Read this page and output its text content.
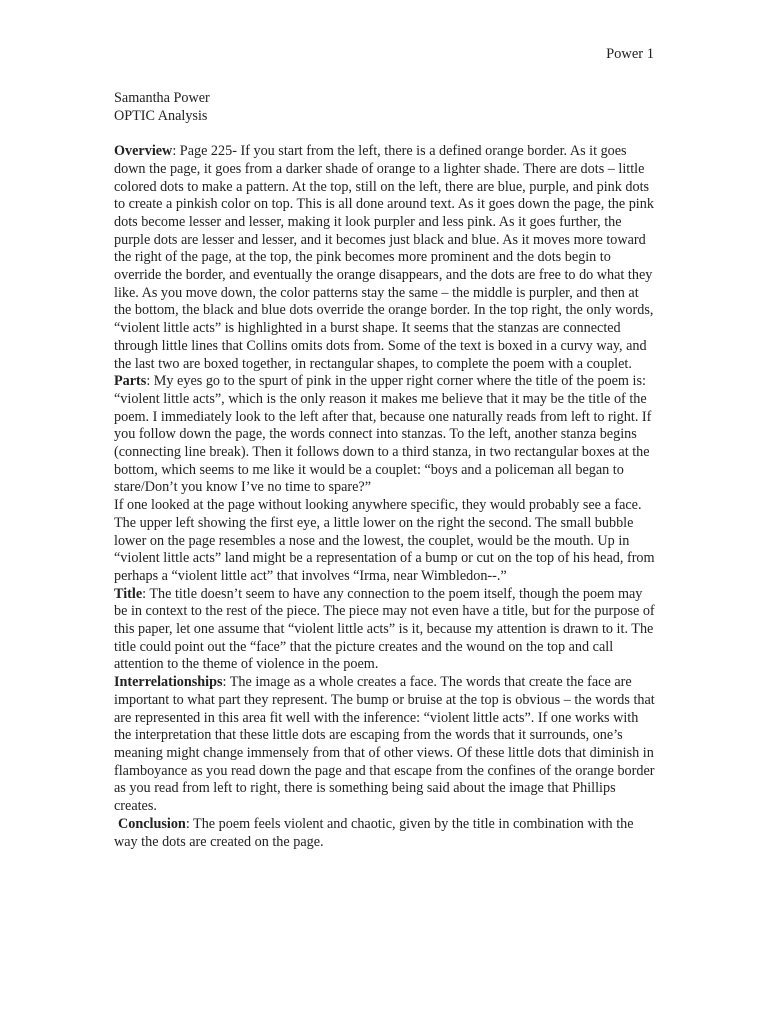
Power 1

Samantha Power

OPTIC Analysis

Overview: Page 225- If you start from the left, there is a defined orange border. As it goes down the page, it goes from a darker shade of orange to a lighter shade. There are dots – little colored dots to make a pattern. At the top, still on the left, there are blue, purple, and pink dots to create a pinkish color on top. This is all done around text. As it goes down the page, the pink dots become lesser and lesser, making it look purpler and less pink. As it goes further, the purple dots are lesser and lesser, and it becomes just black and blue. As it moves more toward the right of the page, at the top, the pink becomes more prominent and the dots begin to override the border, and eventually the orange disappears, and the dots are free to do what they like. As you move down, the color patterns stay the same – the middle is purpler, and then at the bottom, the black and blue dots override the orange border. In the top right, the only words, “violent little acts” is highlighted in a burst shape. It seems that the stanzas are connected through little lines that Collins omits dots from. Some of the text is boxed in a curvy way, and the last two are boxed together, in rectangular shapes, to complete the poem with a couplet.

Parts: My eyes go to the spurt of pink in the upper right corner where the title of the poem is: “violent little acts”, which is the only reason it makes me believe that it may be the title of the poem. I immediately look to the left after that, because one naturally reads from left to right. If you follow down the page, the words connect into stanzas. To the left, another stanza begins (connecting line break). Then it follows down to a third stanza, in two rectangular boxes at the bottom, which seems to me like it would be a couplet: “boys and a policeman all began to stare/Don’t you know I’ve no time to spare?”

If one looked at the page without looking anywhere specific, they would probably see a face. The upper left showing the first eye, a little lower on the right the second. The small bubble lower on the page resembles a nose and the lowest, the couplet, would be the mouth. Up in “violent little acts” land might be a representation of a bump or cut on the top of his head, from perhaps a “violent little act” that involves “Irma, near Wimbledon--.”

Title: The title doesn’t seem to have any connection to the poem itself, though the poem may be in context to the rest of the piece. The piece may not even have a title, but for the purpose of this paper, let one assume that “violent little acts” is it, because my attention is drawn to it. The title could point out the “face” that the picture creates and the wound on the top and call attention to the theme of violence in the poem.

Interrelationships: The image as a whole creates a face. The words that create the face are important to what part they represent. The bump or bruise at the top is obvious – the words that are represented in this area fit well with the inference: “violent little acts”. If one works with the interpretation that these little dots are escaping from the words that it surrounds, one’s meaning might change immensely from that of other views. Of these little dots that diminish in flamboyance as you read down the page and that escape from the confines of the orange border as you read from left to right, there is something being said about the image that Phillips creates.

Conclusion: The poem feels violent and chaotic, given by the title in combination with the way the dots are created on the page.
